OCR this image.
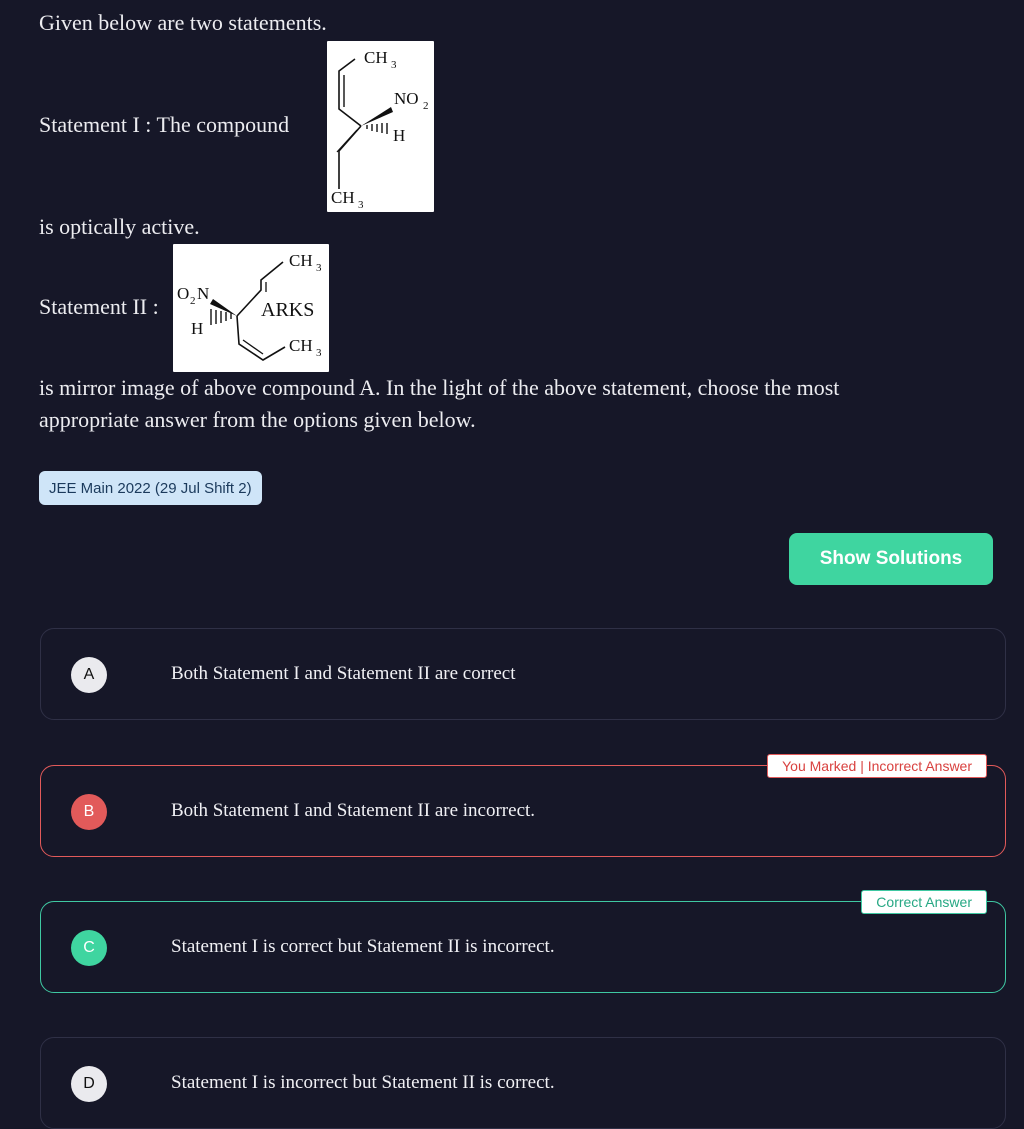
Given below are two statements.
Statement I : The compound
CH 3
NO 2
H
CH 3
is optically active.
Statement II :	ARKS
O 2 N
H
CH 3
CH 3
is mirror image of above compound A. In the light of the above statement, choose the most
appropriate answer from the options given below.
JEE Main 2022 (29 Jul Shift 2)
Show Solutions
A	Both Statement I and Statement II are correct
You Marked | Incorrect Answer
B	Both Statement I and Statement II are incorrect.
Correct Answer
C	Statement I is correct but Statement II is incorrect.
D	Statement I is incorrect but Statement II is correct.
